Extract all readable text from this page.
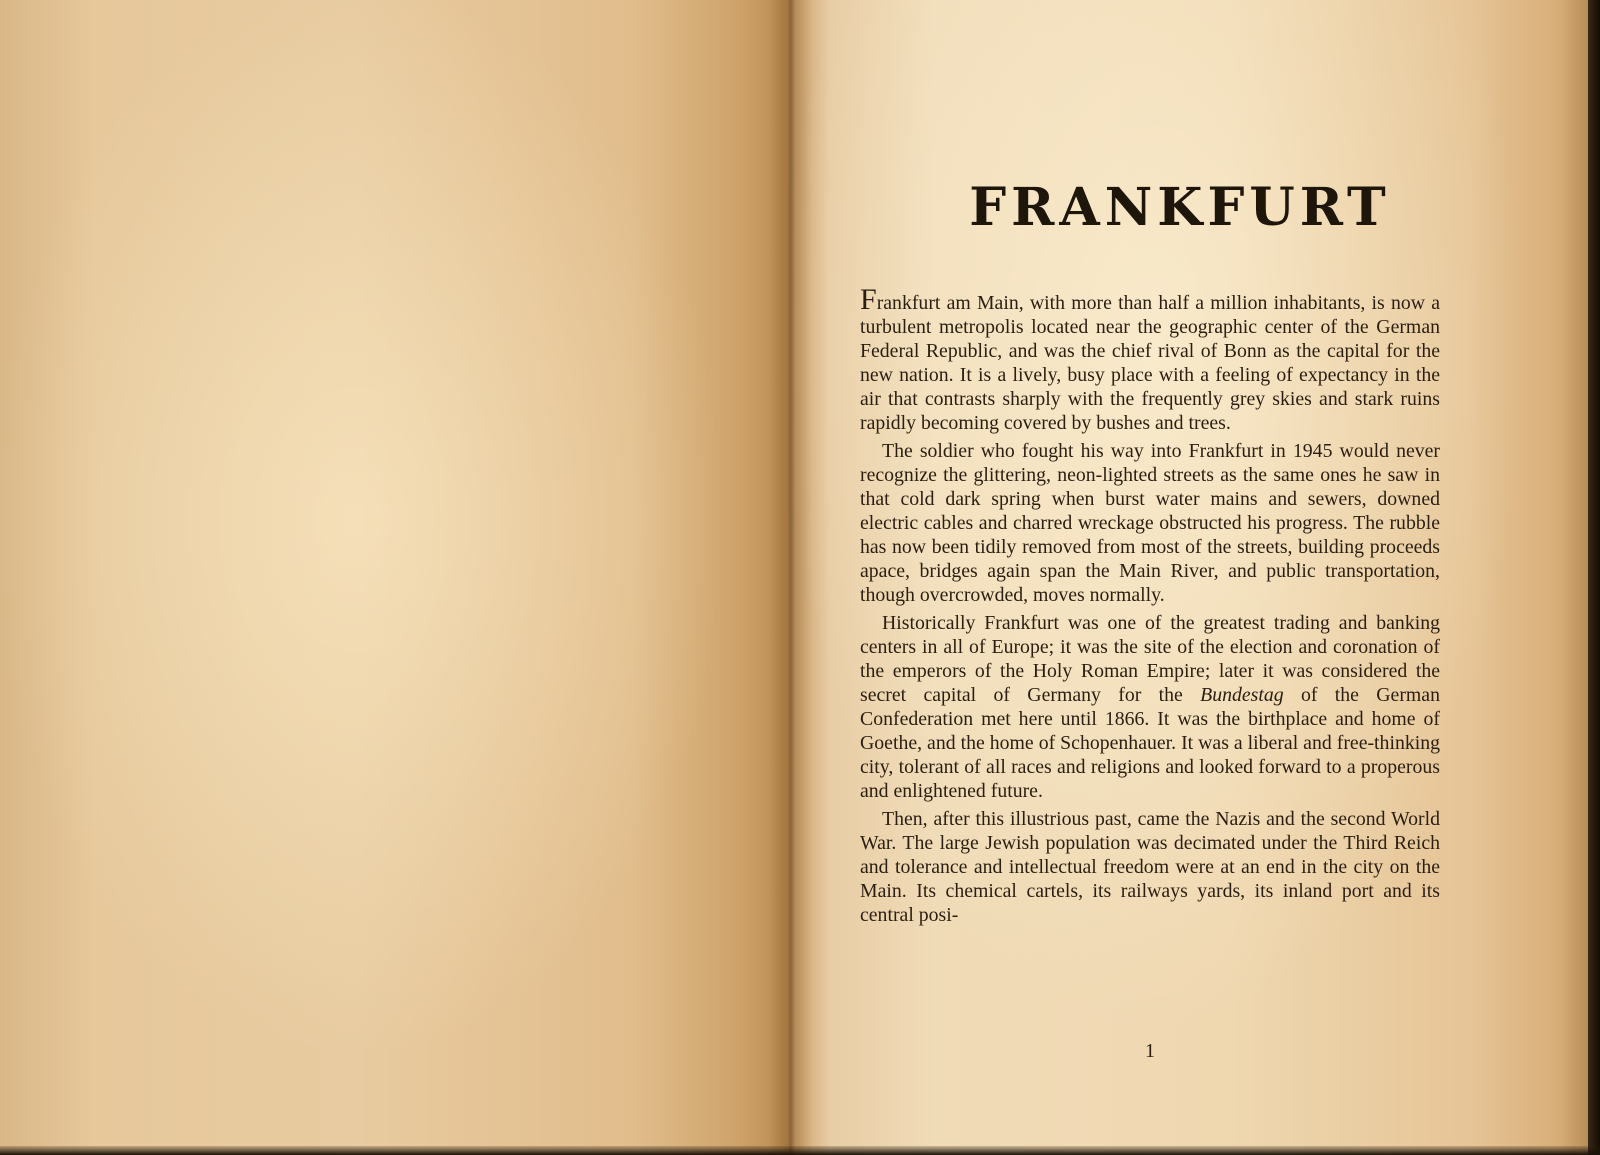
FRANKFURT

Frankfurt am Main, with more than half a million inhabitants, is now a turbulent metropolis located near the geographic center of the German Federal Republic, and was the chief rival of Bonn as the capital for the new nation. It is a lively, busy place with a feeling of expectancy in the air that contrasts sharply with the frequently grey skies and stark ruins rapidly becoming covered by bushes and trees.

The soldier who fought his way into Frankfurt in 1945 would never recognize the glittering, neon-lighted streets as the same ones he saw in that cold dark spring when burst water mains and sewers, downed electric cables and charred wreckage obstructed his progress. The rubble has now been tidily removed from most of the streets, building proceeds apace, bridges again span the Main River, and public transportation, though overcrowded, moves normally.

Historically Frankfurt was one of the greatest trading and banking centers in all of Europe; it was the site of the election and coronation of the emperors of the Holy Roman Empire; later it was considered the secret capital of Germany for the Bundestag of the German Confederation met here until 1866. It was the birthplace and home of Goethe, and the home of Schopenhauer. It was a liberal and free-thinking city, tolerant of all races and religions and looked forward to a properous and enlightened future.

Then, after this illustrious past, came the Nazis and the second World War. The large Jewish population was decimated under the Third Reich and tolerance and intellectual freedom were at an end in the city on the Main. Its chemical cartels, its railways yards, its inland port and its central posi-

1
